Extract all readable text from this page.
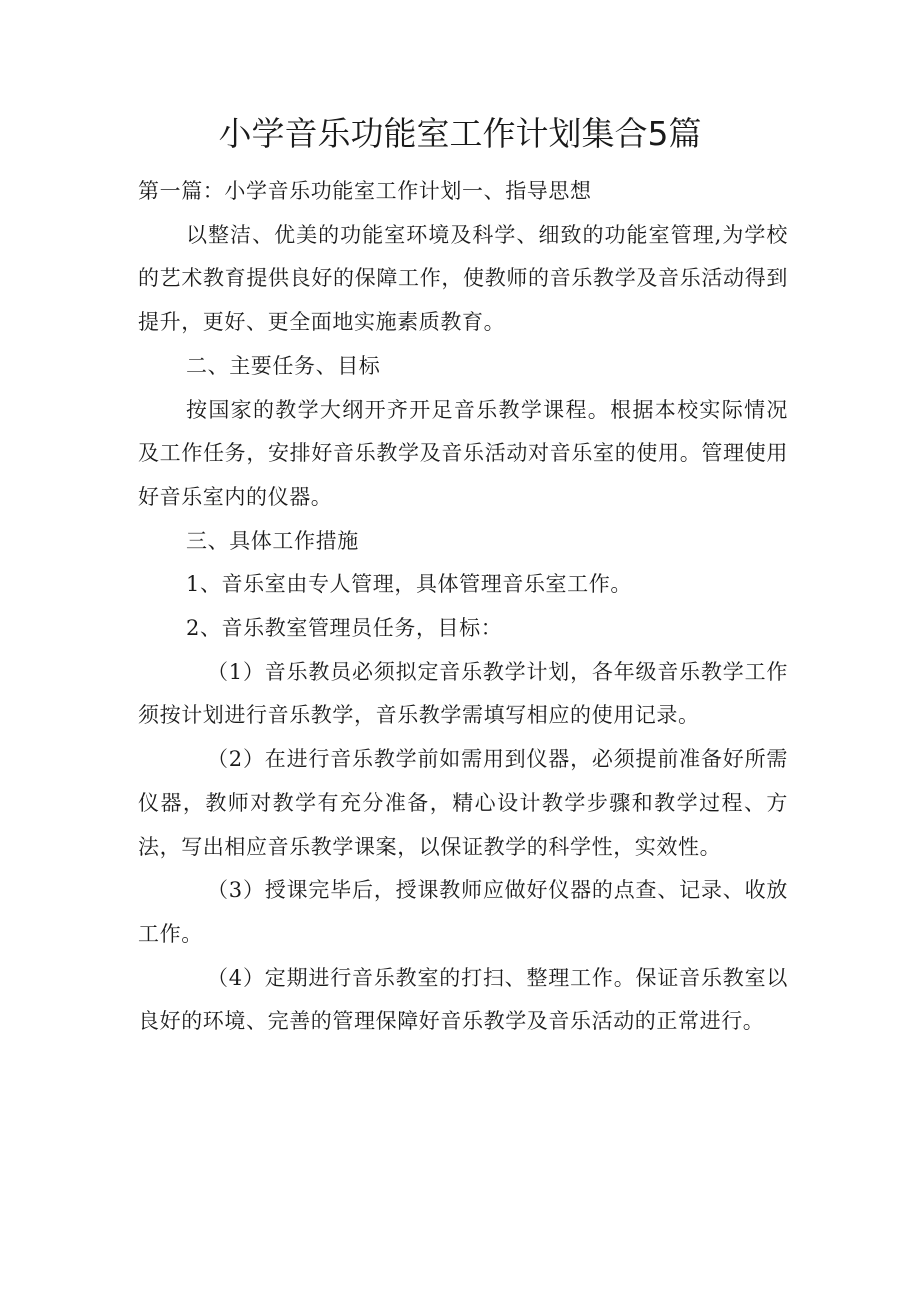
小学音乐功能室工作计划集合5篇

第一篇：小学音乐功能室工作计划一、指导思想

以整洁、优美的功能室环境及科学、细致的功能室管理,为学校的艺术教育提供良好的保障工作，使教师的音乐教学及音乐活动得到提升，更好、更全面地实施素质教育。

二、主要任务、目标

按国家的教学大纲开齐开足音乐教学课程。根据本校实际情况及工作任务，安排好音乐教学及音乐活动对音乐室的使用。管理使用好音乐室内的仪器。

三、具体工作措施

1、音乐室由专人管理，具体管理音乐室工作。

2、音乐教室管理员任务，目标：

（1）音乐教员必须拟定音乐教学计划，各年级音乐教学工作须按计划进行音乐教学，音乐教学需填写相应的使用记录。

（2）在进行音乐教学前如需用到仪器，必须提前准备好所需仪器，教师对教学有充分准备，精心设计教学步骤和教学过程、方法，写出相应音乐教学课案，以保证教学的科学性，实效性。

（3）授课完毕后，授课教师应做好仪器的点查、记录、收放工作。

（4）定期进行音乐教室的打扫、整理工作。保证音乐教室以良好的环境、完善的管理保障好音乐教学及音乐活动的正常进行。
